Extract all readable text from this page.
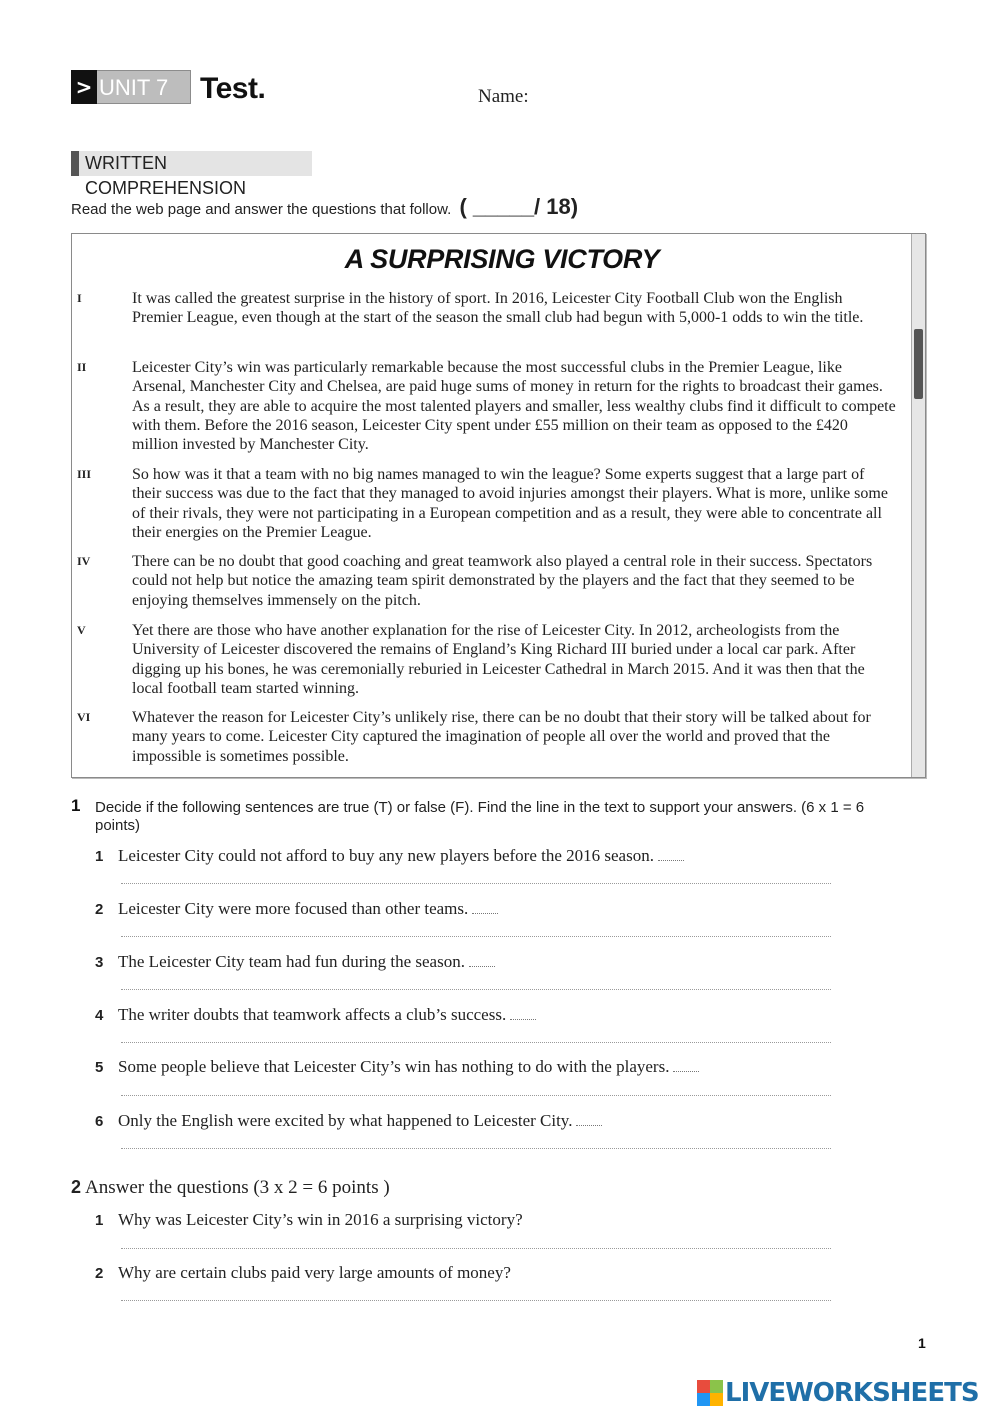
> UNIT 7	Test.	Name:
WRITTEN COMPREHENSION
Read the web page and answer the questions that follow. ( _____/ 18)
A SURPRISING VICTORY
I	It was called the greatest surprise in the history of sport. In 2016, Leicester City Football Club won the English Premier League, even though at the start of the season the small club had begun with 5,000-1 odds to win the title.
II	Leicester City’s win was particularly remarkable because the most successful clubs in the Premier League, like Arsenal, Manchester City and Chelsea, are paid huge sums of money in return for the rights to broadcast their games. As a result, they are able to acquire the most talented players and smaller, less wealthy clubs find it difficult to compete with them. Before the 2016 season, Leicester City spent under £55 million on their team as opposed to the £420 million invested by Manchester City.
III	So how was it that a team with no big names managed to win the league? Some experts suggest that a large part of their success was due to the fact that they managed to avoid injuries amongst their players. What is more, unlike some of their rivals, they were not participating in a European competition and as a result, they were able to concentrate all their energies on the Premier League.
IV	There can be no doubt that good coaching and great teamwork also played a central role in their success. Spectators could not help but notice the amazing team spirit demonstrated by the players and the fact that they seemed to be enjoying themselves immensely on the pitch.
V	Yet there are those who have another explanation for the rise of Leicester City. In 2012, archeologists from the University of Leicester discovered the remains of England’s King Richard III buried under a local car park. After digging up his bones, he was ceremonially reburied in Leicester Cathedral in March 2015. And it was then that the local football team started winning.
VI	Whatever the reason for Leicester City’s unlikely rise, there can be no doubt that their story will be talked about for many years to come. Leicester City captured the imagination of people all over the world and proved that the impossible is sometimes possible.
1 Decide if the following sentences are true (T) or false (F). Find the line in the text to support your answers. (6 x 1 = 6 points)
1 Leicester City could not afford to buy any new players before the 2016 season.
2 Leicester City were more focused than other teams.
3 The Leicester City team had fun during the season.
4 The writer doubts that teamwork affects a club’s success.
5 Some people believe that Leicester City’s win has nothing to do with the players.
6 Only the English were excited by what happened to Leicester City.
2 Answer the questions (3 x 2 = 6 points )
1 Why was Leicester City’s win in 2016 a surprising victory?
2 Why are certain clubs paid very large amounts of money?
1
LIVEWORKSHEETS
